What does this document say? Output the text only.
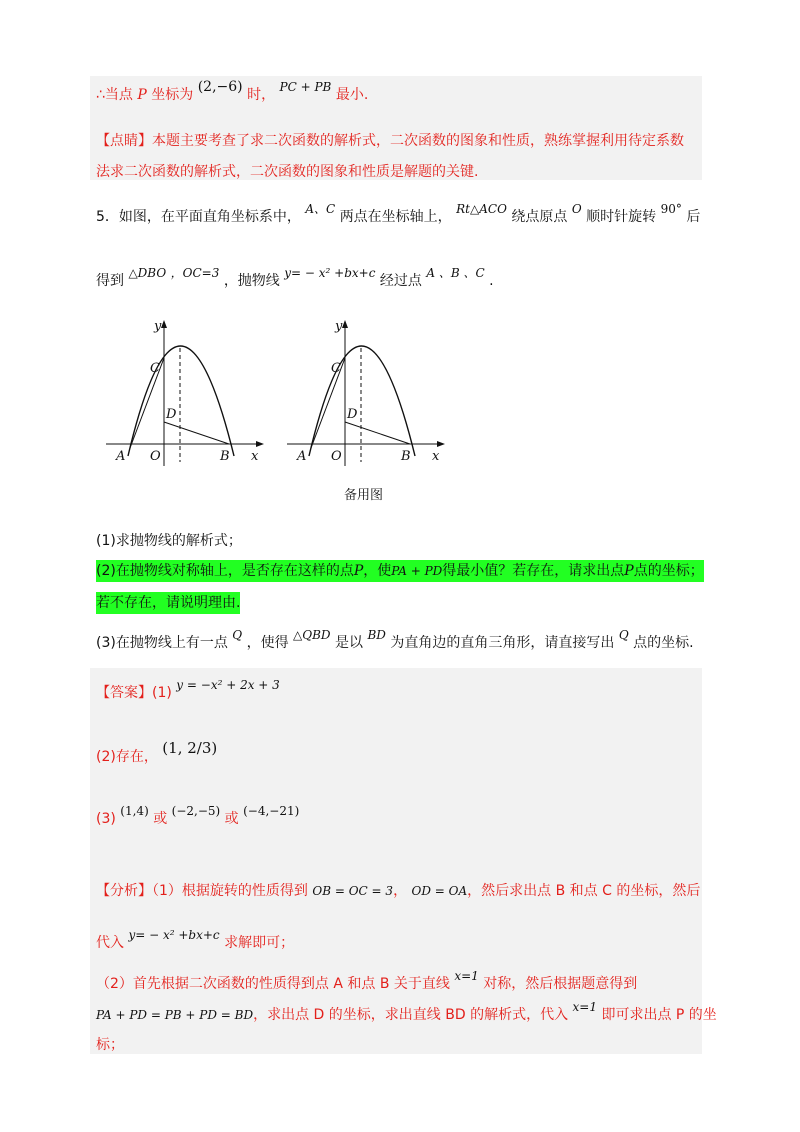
∴当点 P 坐标为 (2,−6) 时， PC + PB 最小.
【点睛】本题主要考查了求二次函数的解析式，二次函数的图象和性质，熟练掌握利用待定系数
法求二次函数的解析式，二次函数的图象和性质是解题的关键.
5．如图，在平面直角坐标系中， A、C 两点在坐标轴上， Rt△ACO 绕点原点 O 顺时针旋转 90° 后
得到 △DBO ，OC=3 ，抛物线 y= − x² +bx+c 经过点 A 、B 、C .
y
x
C
D
A O	B
y
x
C
D
A O	B
备用图
(1)求抛物线的解析式；
(2)在抛物线对称轴上，是否存在这样的点P，使PA + PD得最小值？若存在，请求出点P点的坐标；
若不存在，请说明理由.
(3)在抛物线上有一点 Q ，使得 △QBD 是以 BD 为直角边的直角三角形，请直接写出 Q 点的坐标.
【答案】(1) y = −x² + 2x + 3
(2)存在， (1, 2/3)
(3) (1,4) 或 (−2,−5) 或 (−4,−21)
【分析】（1）根据旋转的性质得到 OB = OC = 3， OD = OA，然后求出点 B 和点 C 的坐标，然后
代入 y= − x² +bx+c 求解即可；
（2）首先根据二次函数的性质得到点 A 和点 B 关于直线 x=1 对称，然后根据题意得到
PA + PD = PB + PD = BD，求出点 D 的坐标，求出直线 BD 的解析式，代入 x=1 即可求出点 P 的坐
标；
